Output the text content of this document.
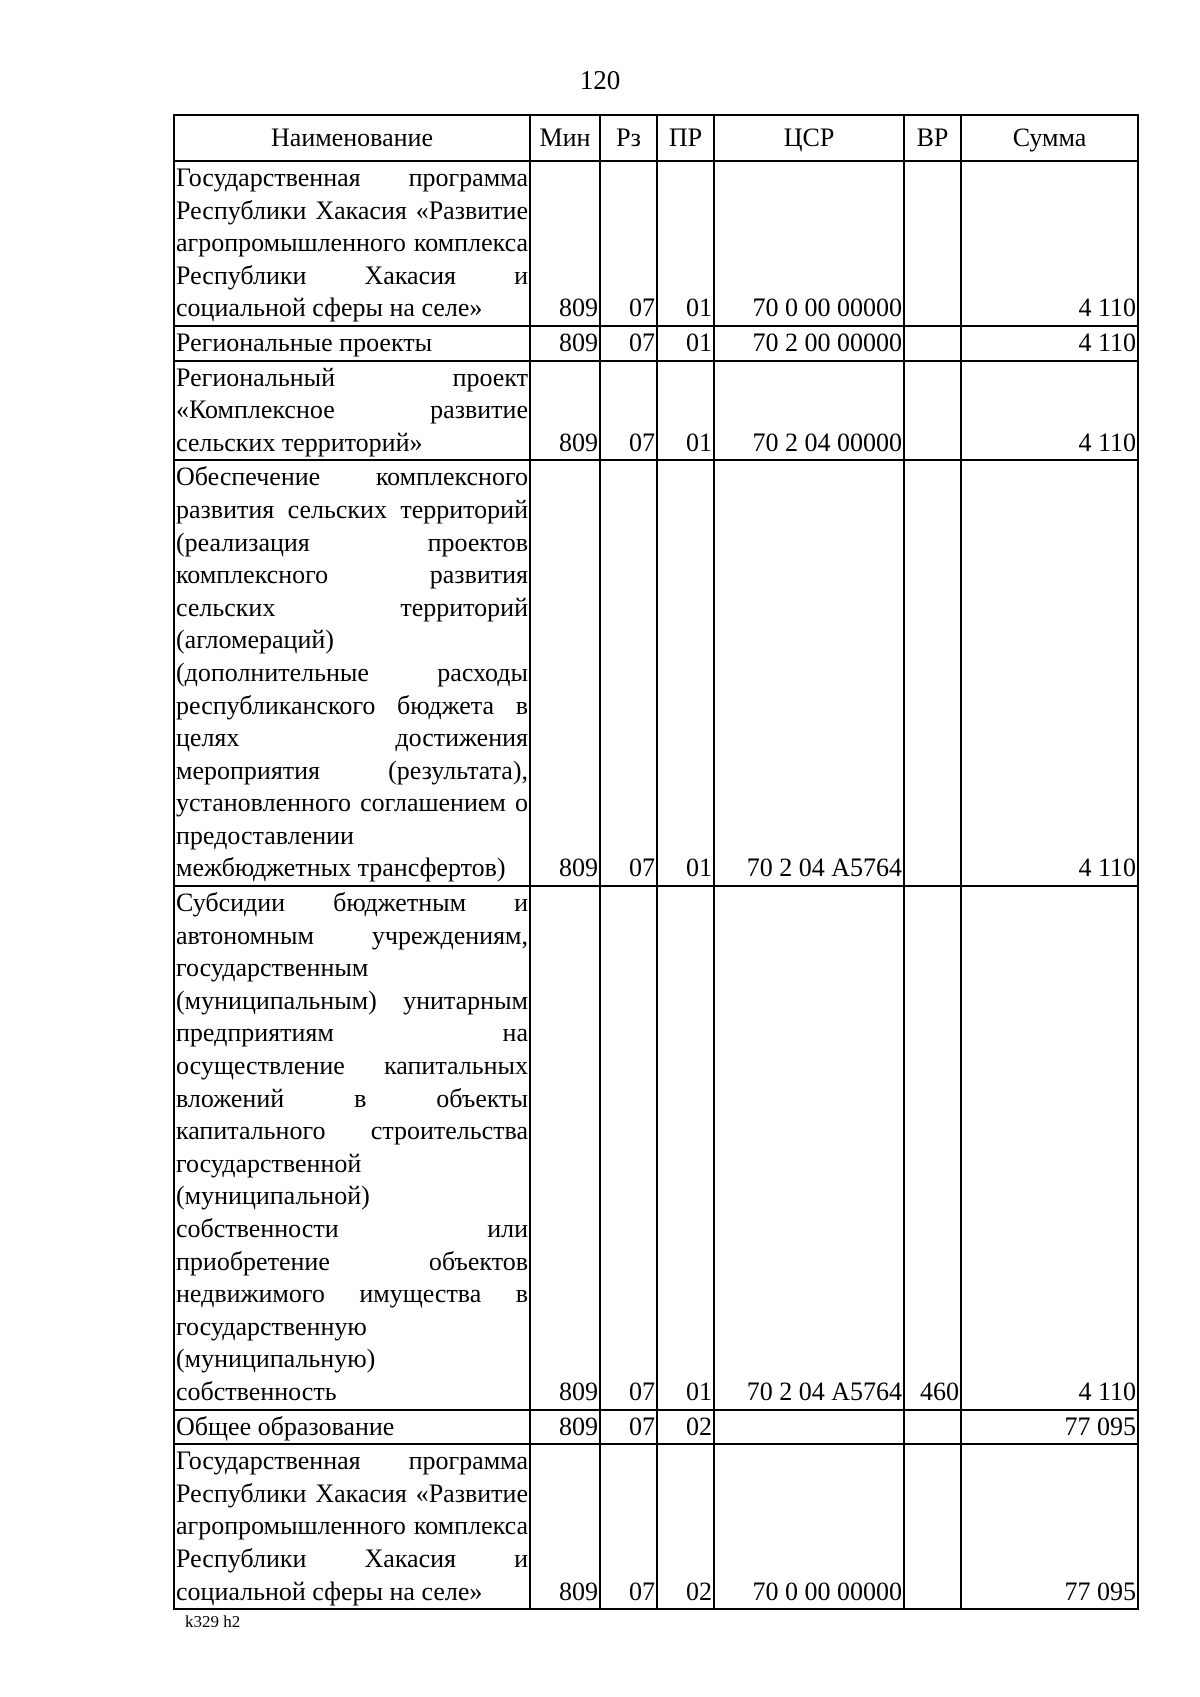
120
Наименование	Мин	Рз	ПР	ЦСР	ВР	Сумма
Государственная программа Республики Хакасия «Развитие агропромышленного комплекса Республики Хакасия и социальной сферы на селе»	809	07	01	70 0 00 00000		4 110
Региональные проекты	809	07	01	70 2 00 00000		4 110
Региональный проект «Комплексное развитие сельских территорий»	809	07	01	70 2 04 00000		4 110
Обеспечение комплексного развития сельских территорий (реализация проектов комплексного развития сельских территорий (агломераций) (дополнительные расходы республиканского бюджета в целях достижения мероприятия (результата), установленного соглашением о предоставлении межбюджетных трансфертов)	809	07	01	70 2 04 А5764		4 110
Субсидии бюджетным и автономным учреждениям, государственным (муниципальным) унитарным предприятиям на осуществление капитальных вложений в объекты капитального строительства государственной (муниципальной) собственности или приобретение объектов недвижимого имущества в государственную (муниципальную) собственность	809	07	01	70 2 04 А5764	460	4 110
Общее образование	809	07	02			77 095
Государственная программа Республики Хакасия «Развитие агропромышленного комплекса Республики Хакасия и социальной сферы на селе»	809	07	02	70 0 00 00000		77 095
k329 h2
